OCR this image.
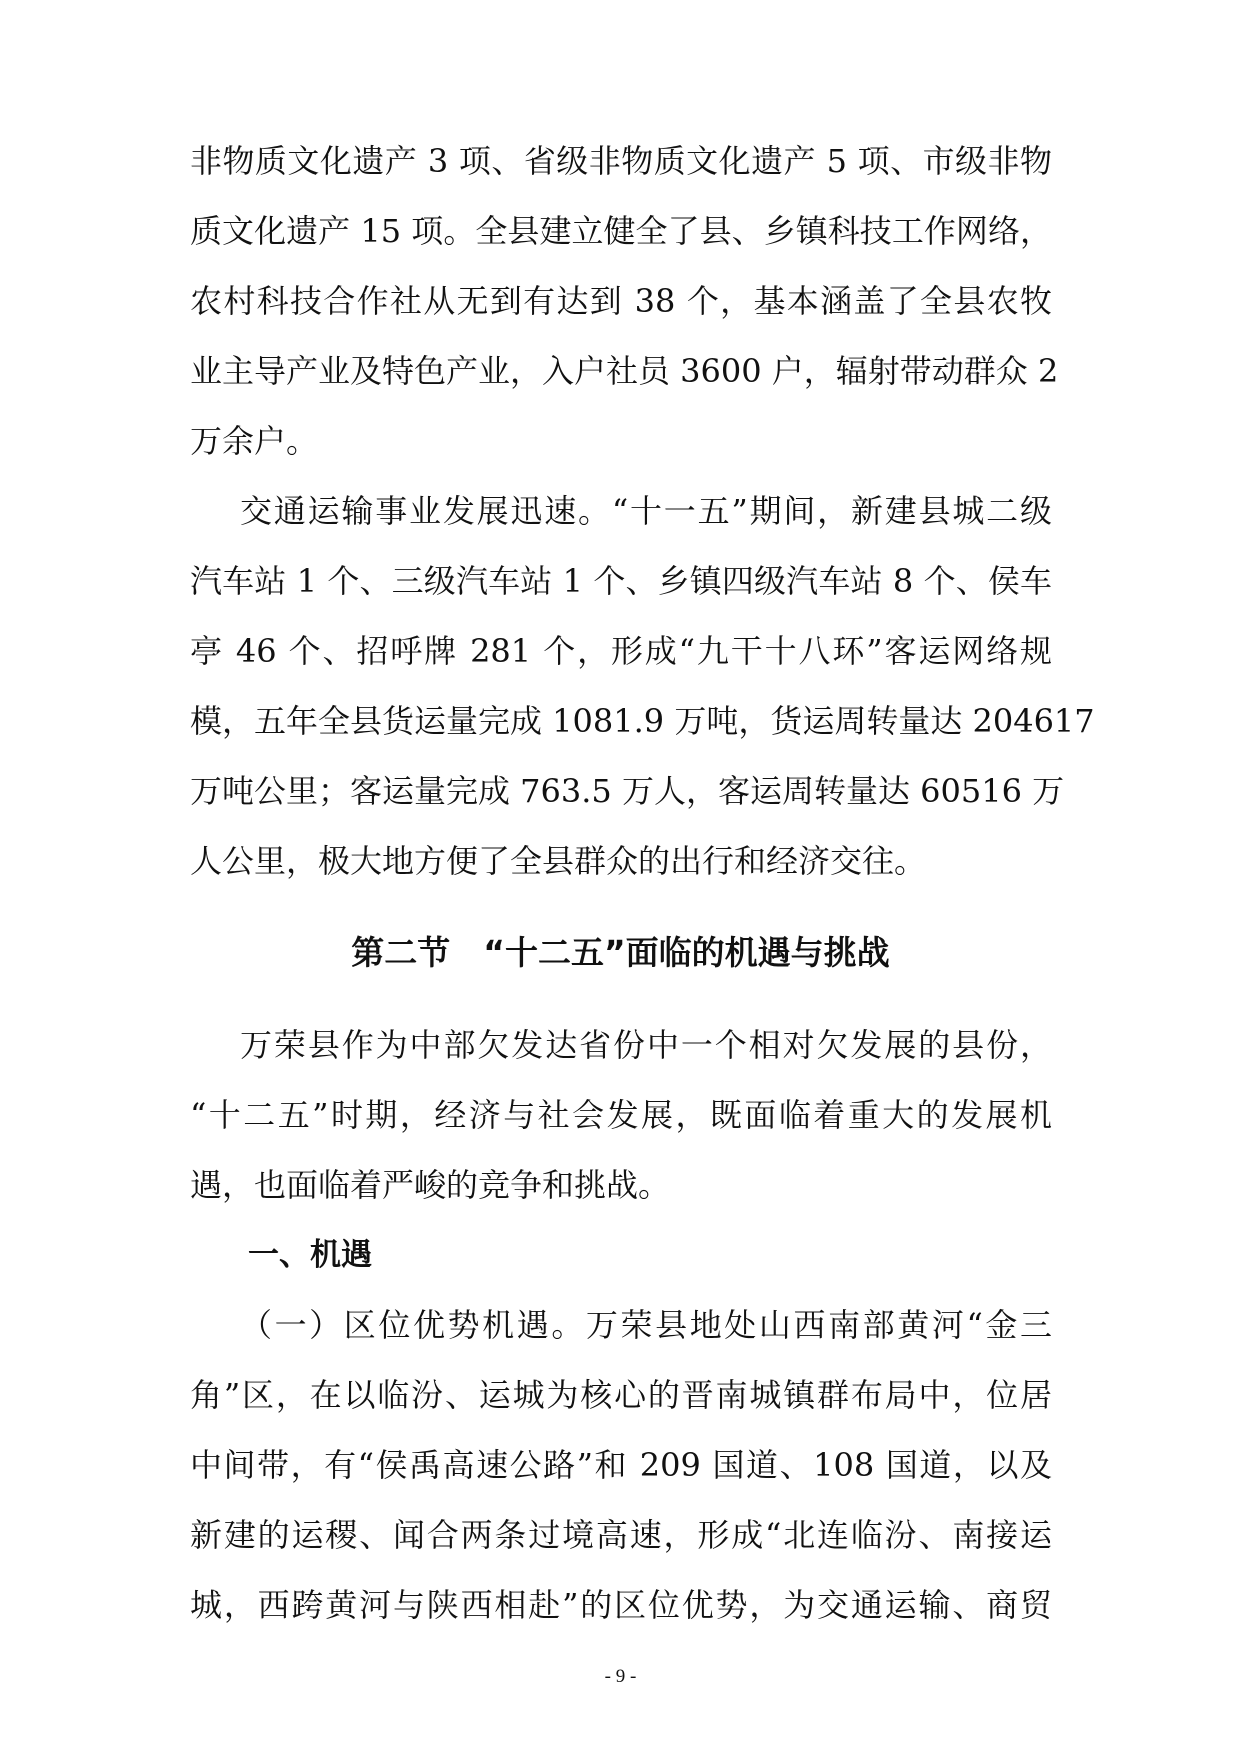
非物质文化遗产 3 项、省级非物质文化遗产 5 项、市级非物
质文化遗产 15 项。全县建立健全了县、乡镇科技工作网络，
农村科技合作社从无到有达到 38 个，基本涵盖了全县农牧
业主导产业及特色产业，入户社员 3600 户，辐射带动群众 2
万余户。
交通运输事业发展迅速。“十一五”期间，新建县城二级
汽车站 1 个、三级汽车站 1 个、乡镇四级汽车站 8 个、侯车
亭 46 个、招呼牌 281 个，形成“九干十八环”客运网络规
模，五年全县货运量完成 1081.9 万吨，货运周转量达 204617
万吨公里；客运量完成 763.5 万人，客运周转量达 60516 万
人公里，极大地方便了全县群众的出行和经济交往。
第二节　“十二五”面临的机遇与挑战
万荣县作为中部欠发达省份中一个相对欠发展的县份，
“十二五”时期，经济与社会发展，既面临着重大的发展机
遇，也面临着严峻的竞争和挑战。
一、机遇
（一）区位优势机遇。万荣县地处山西南部黄河“金三
角”区，在以临汾、运城为核心的晋南城镇群布局中，位居
中间带，有“侯禹高速公路”和 209 国道、108 国道，以及
新建的运稷、闻合两条过境高速，形成“北连临汾、南接运
城，西跨黄河与陕西相赴”的区位优势，为交通运输、商贸
- 9 -
